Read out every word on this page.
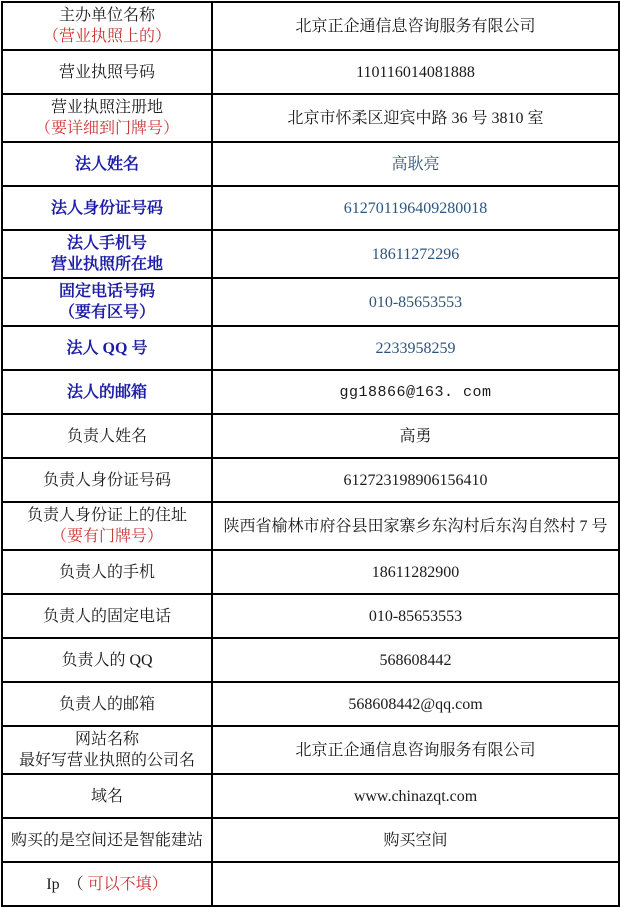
主办单位名称
（营业执照上的）	北京正企通信息咨询服务有限公司

营业执照号码	110116014081888

营业执照注册地
（要详细到门牌号）	北京市怀柔区迎宾中路 36 号 3810 室

法人姓名	高耿亮

法人身份证号码	612701196409280018

法人手机号
营业执照所在地	18611272296

固定电话号码
（要有区号）	010-85653553

法人 QQ 号	2233958259

法人的邮箱	gg18866@163. com

负责人姓名	高勇

负责人身份证号码	612723198906156410

负责人身份证上的住址
（要有门牌号）	陕西省榆林市府谷县田家寨乡东沟村后东沟自然村 7 号

负责人的手机	18611282900

负责人的固定电话	010-85653553

负责人的 QQ	568608442

负责人的邮箱	568608442@qq.com

网站名称
最好写营业执照的公司名	北京正企通信息咨询服务有限公司

域名	www.chinazqt.com

购买的是空间还是智能建站	购买空间

Ip　（ 可以不填）	
